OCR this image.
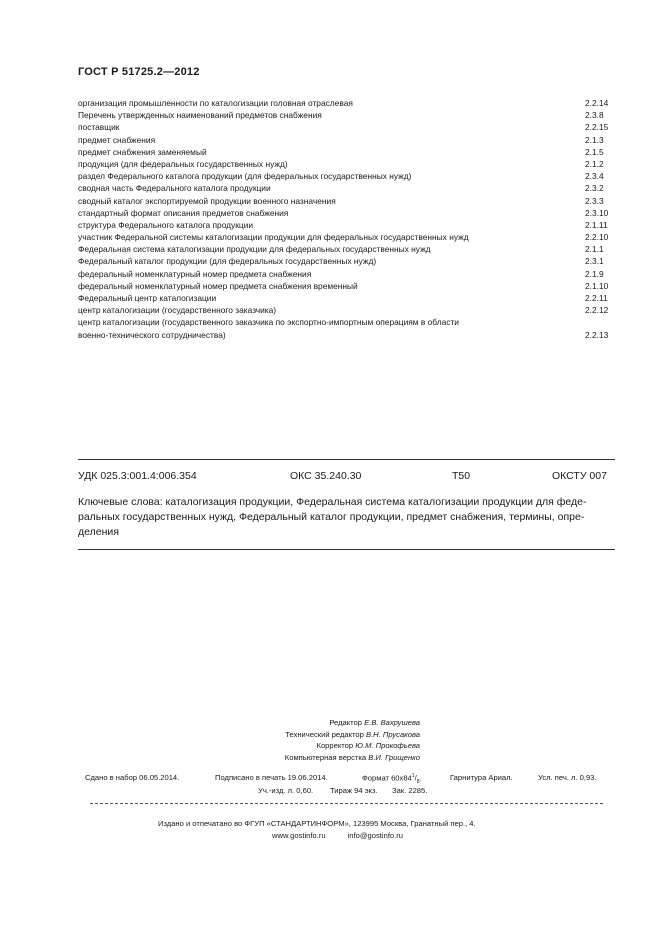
ГОСТ Р 51725.2—2012
организация промышленности по каталогизации головная отраслевая	2.2.14
Перечень утвержденных наименований предметов снабжения	2.3.8
поставщик	2.2.15
предмет снабжения	2.1.3
предмет снабжения заменяемый	2.1.5
продукция (для федеральных государственных нужд)	2.1.2
раздел Федерального каталога продукции (для федеральных государственных нужд)	2.3.4
сводная часть Федерального каталога продукции	2.3.2
сводный каталог экспортируемой продукции военного назначения	2.3.3
стандартный формат описания предметов снабжения	2.3.10
структура Федерального каталога продукции	2.1.11
участник Федеральной системы каталогизации продукции для федеральных государственных нужд	2.2.10
Федеральная система каталогизации продукции для федеральных государственных нужд	2.1.1
Федеральный каталог продукции (для федеральных государственных нужд)	2.3.1
федеральный номенклатурный номер предмета снабжения	2.1.9
федеральный номенклатурный номер предмета снабжения временный	2.1.10
Федеральный центр каталогизации	2.2.11
центр каталогизации (государственного заказчика)	2.2.12
центр каталогизации (государственного заказчика по экспортно-импортным операциям в области
военно-технического сотрудничества)	2.2.13
УДК 025.3:001.4:006.354	ОКС 35.240.30	Т50	ОКСТУ 007
Ключевые слова: каталогизация продукции, Федеральная система каталогизации продукции для феде-
ральных государственных нужд, Федеральный каталог продукции, предмет снабжения, термины, опре-
деления
Редактор Е.В. Вахрушева
Технический редактор В.Н. Прусакова
Корректор Ю.М. Прокофьева
Компьютерная верстка В.И. Грищенко
Сдано в набор 06.05.2014.	Подписано в печать 19.06.2014.	Формат $60х84^1/_8$.	Гарнитура Ариал.	Усл. печ. л. 0,93.
Уч.-изд. л. 0,60. Тираж 94 экз. Зак. 2285.
Издано и отпечатано во ФГУП «СТАНДАРТИНФОРМ», 123995 Москва, Гранатный пер., 4.
www.gostinfo.ru	info@gostinfo.ru
